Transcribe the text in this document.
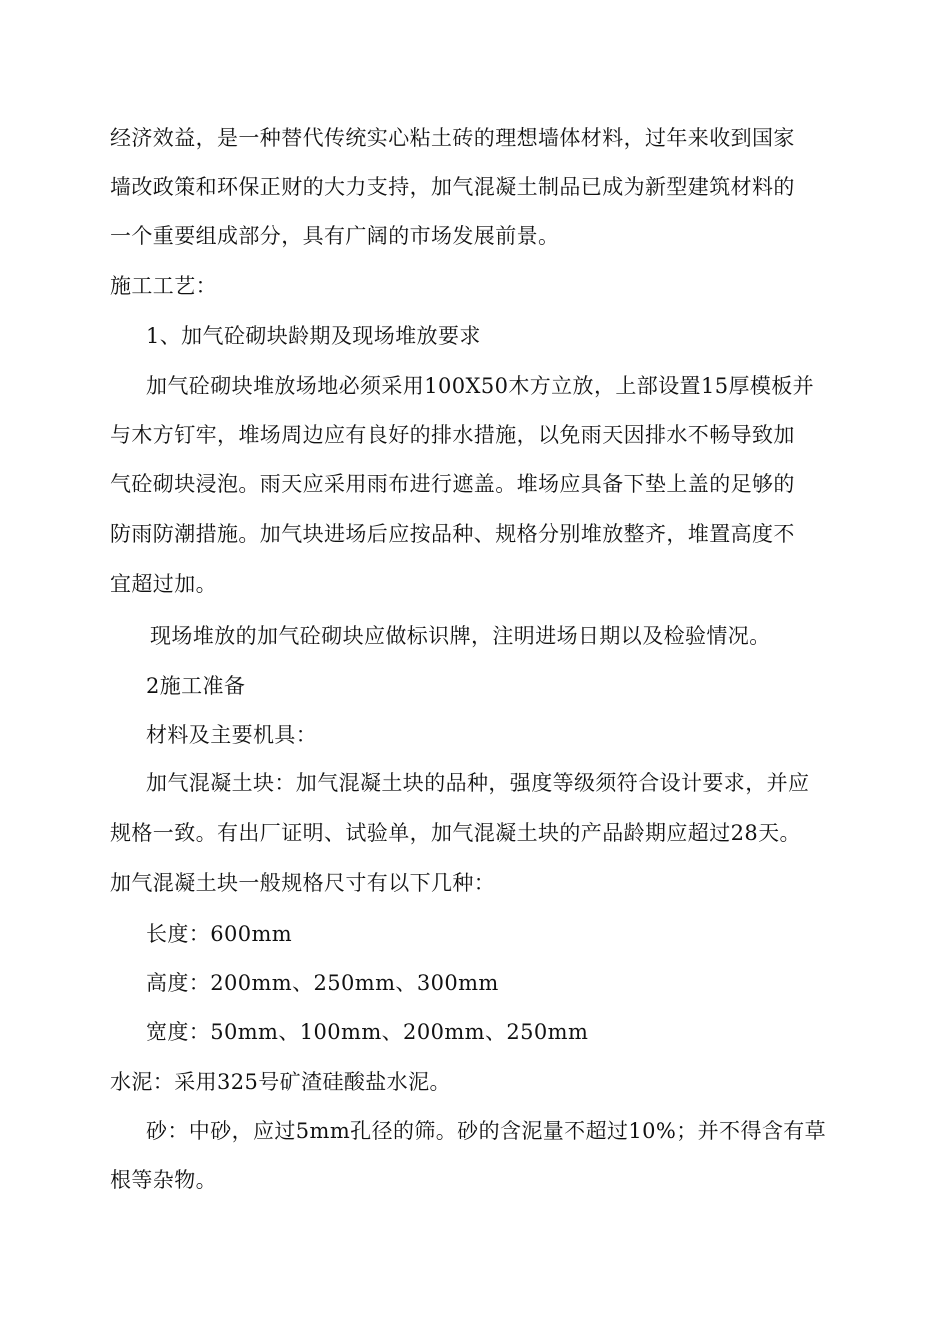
经济效益，是一种替代传统实心粘土砖的理想墙体材料，过年来收到国家
墙改政策和环保正财的大力支持，加气混凝土制品已成为新型建筑材料的
一个重要组成部分，具有广阔的市场发展前景。
施工工艺：
1、加气砼砌块龄期及现场堆放要求
加气砼砌块堆放场地必须采用100X50木方立放，上部设置15厚模板并
与木方钉牢，堆场周边应有良好的排水措施，以免雨天因排水不畅导致加
气砼砌块浸泡。雨天应采用雨布进行遮盖。堆场应具备下垫上盖的足够的
防雨防潮措施。加气块进场后应按品种、规格分别堆放整齐，堆置高度不
宜超过加。
现场堆放的加气砼砌块应做标识牌，注明进场日期以及检验情况。
2施工准备
材料及主要机具：
加气混凝土块：加气混凝土块的品种，强度等级须符合设计要求，并应
规格一致。有出厂证明、试验单，加气混凝土块的产品龄期应超过28天。
加气混凝土块一般规格尺寸有以下几种：
长度：600mm
高度：200mm、250mm、300mm
宽度：50mm、100mm、200mm、250mm
水泥：采用325号矿渣硅酸盐水泥。
砂：中砂，应过5mm孔径的筛。砂的含泥量不超过10%；并不得含有草
根等杂物。
